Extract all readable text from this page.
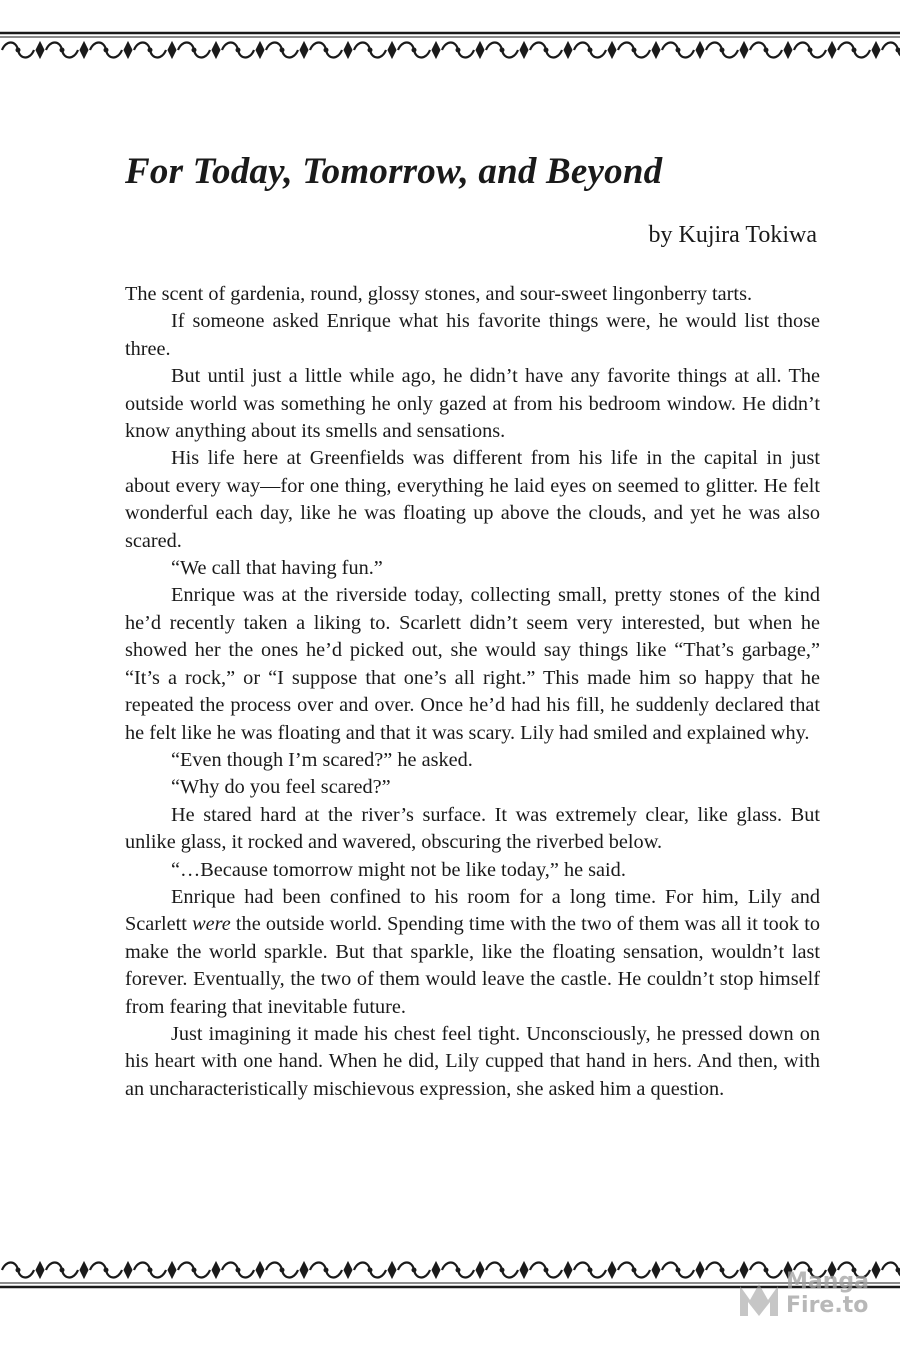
For Today, Tomorrow, and Beyond

by Kujira Tokiwa

The scent of gardenia, round, glossy stones, and sour-sweet lingonberry tarts.

If someone asked Enrique what his favorite things were, he would list those three.

But until just a little while ago, he didn’t have any favorite things at all. The outside world was something he only gazed at from his bedroom window. He didn’t know anything about its smells and sensations.

His life here at Greenfields was different from his life in the capital in just about every way—for one thing, everything he laid eyes on seemed to glitter. He felt wonderful each day, like he was floating up above the clouds, and yet he was also scared.

“We call that having fun.”

Enrique was at the riverside today, collecting small, pretty stones of the kind he’d recently taken a liking to. Scarlett didn’t seem very interested, but when he showed her the ones he’d picked out, she would say things like “That’s garbage,” “It’s a rock,” or “I suppose that one’s all right.” This made him so happy that he repeated the process over and over. Once he’d had his fill, he suddenly declared that he felt like he was floating and that it was scary. Lily had smiled and explained why.

“Even though I’m scared?” he asked.

“Why do you feel scared?”

He stared hard at the river’s surface. It was extremely clear, like glass. But unlike glass, it rocked and wavered, obscuring the riverbed below.

“…Because tomorrow might not be like today,” he said.

Enrique had been confined to his room for a long time. For him, Lily and Scarlett were the outside world. Spending time with the two of them was all it took to make the world sparkle. But that sparkle, like the floating sensation, wouldn’t last forever. Eventually, the two of them would leave the castle. He couldn’t stop himself from fearing that inevitable future.

Just imagining it made his chest feel tight. Unconsciously, he pressed down on his heart with one hand. When he did, Lily cupped that hand in hers. And then, with an uncharacteristically mischievous expression, she asked him a question.

Manga
Fire.to
